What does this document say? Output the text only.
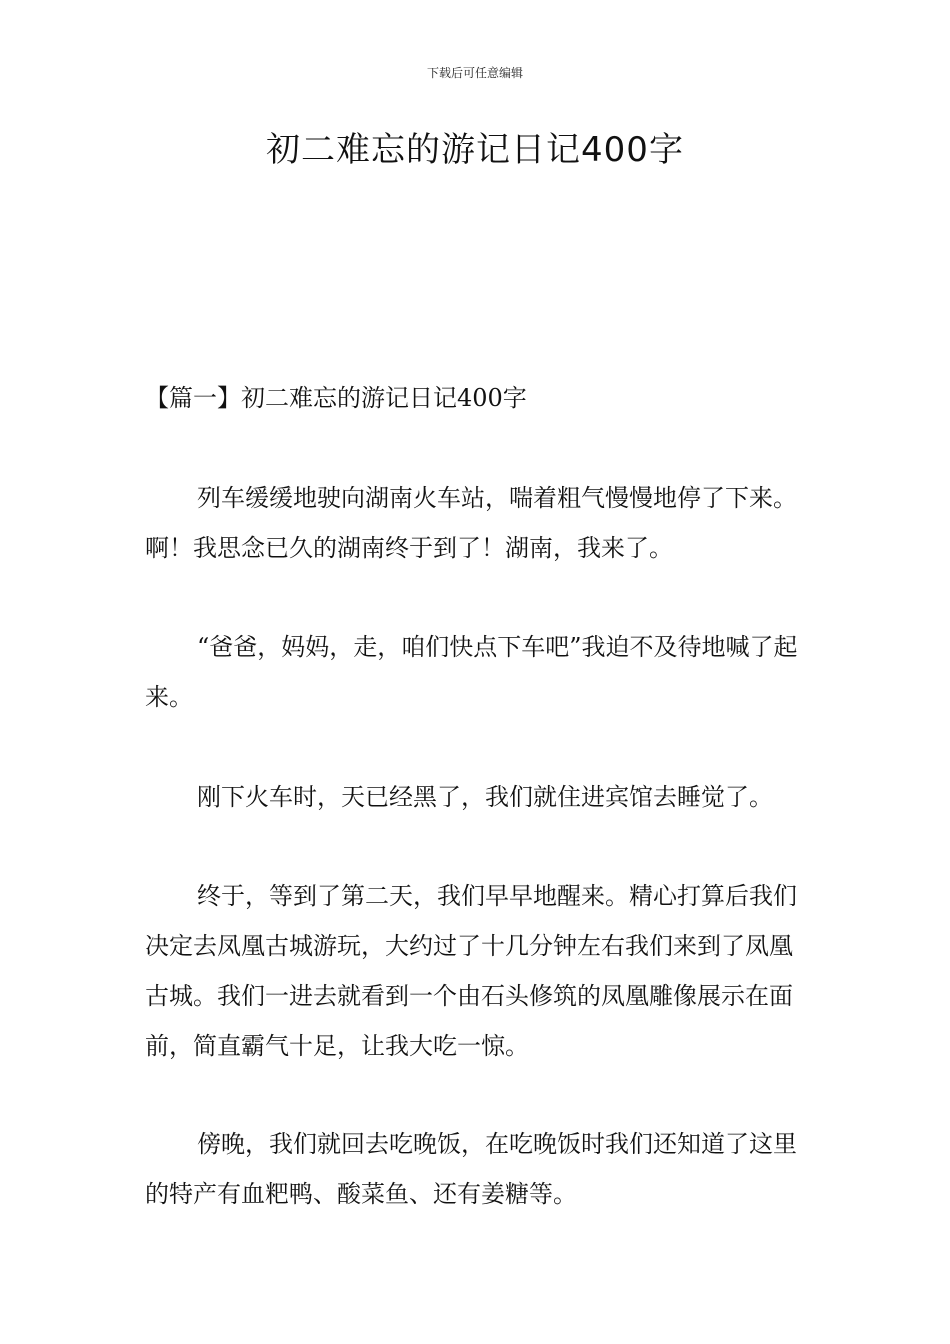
下载后可任意编辑
初二难忘的游记日记400字
【篇一】初二难忘的游记日记400字

列车缓缓地驶向湖南火车站，喘着粗气慢慢地停了下来。啊！我思念已久的湖南终于到了！湖南，我来了。

“爸爸，妈妈，走，咱们快点下车吧”我迫不及待地喊了起来。

刚下火车时，天已经黑了，我们就住进宾馆去睡觉了。

终于，等到了第二天，我们早早地醒来。精心打算后我们决定去凤凰古城游玩，大约过了十几分钟左右我们来到了凤凰古城。我们一进去就看到一个由石头修筑的凤凰雕像展示在面前，简直霸气十足，让我大吃一惊。

傍晚，我们就回去吃晚饭，在吃晚饭时我们还知道了这里的特产有血粑鸭、酸菜鱼、还有姜糖等。
